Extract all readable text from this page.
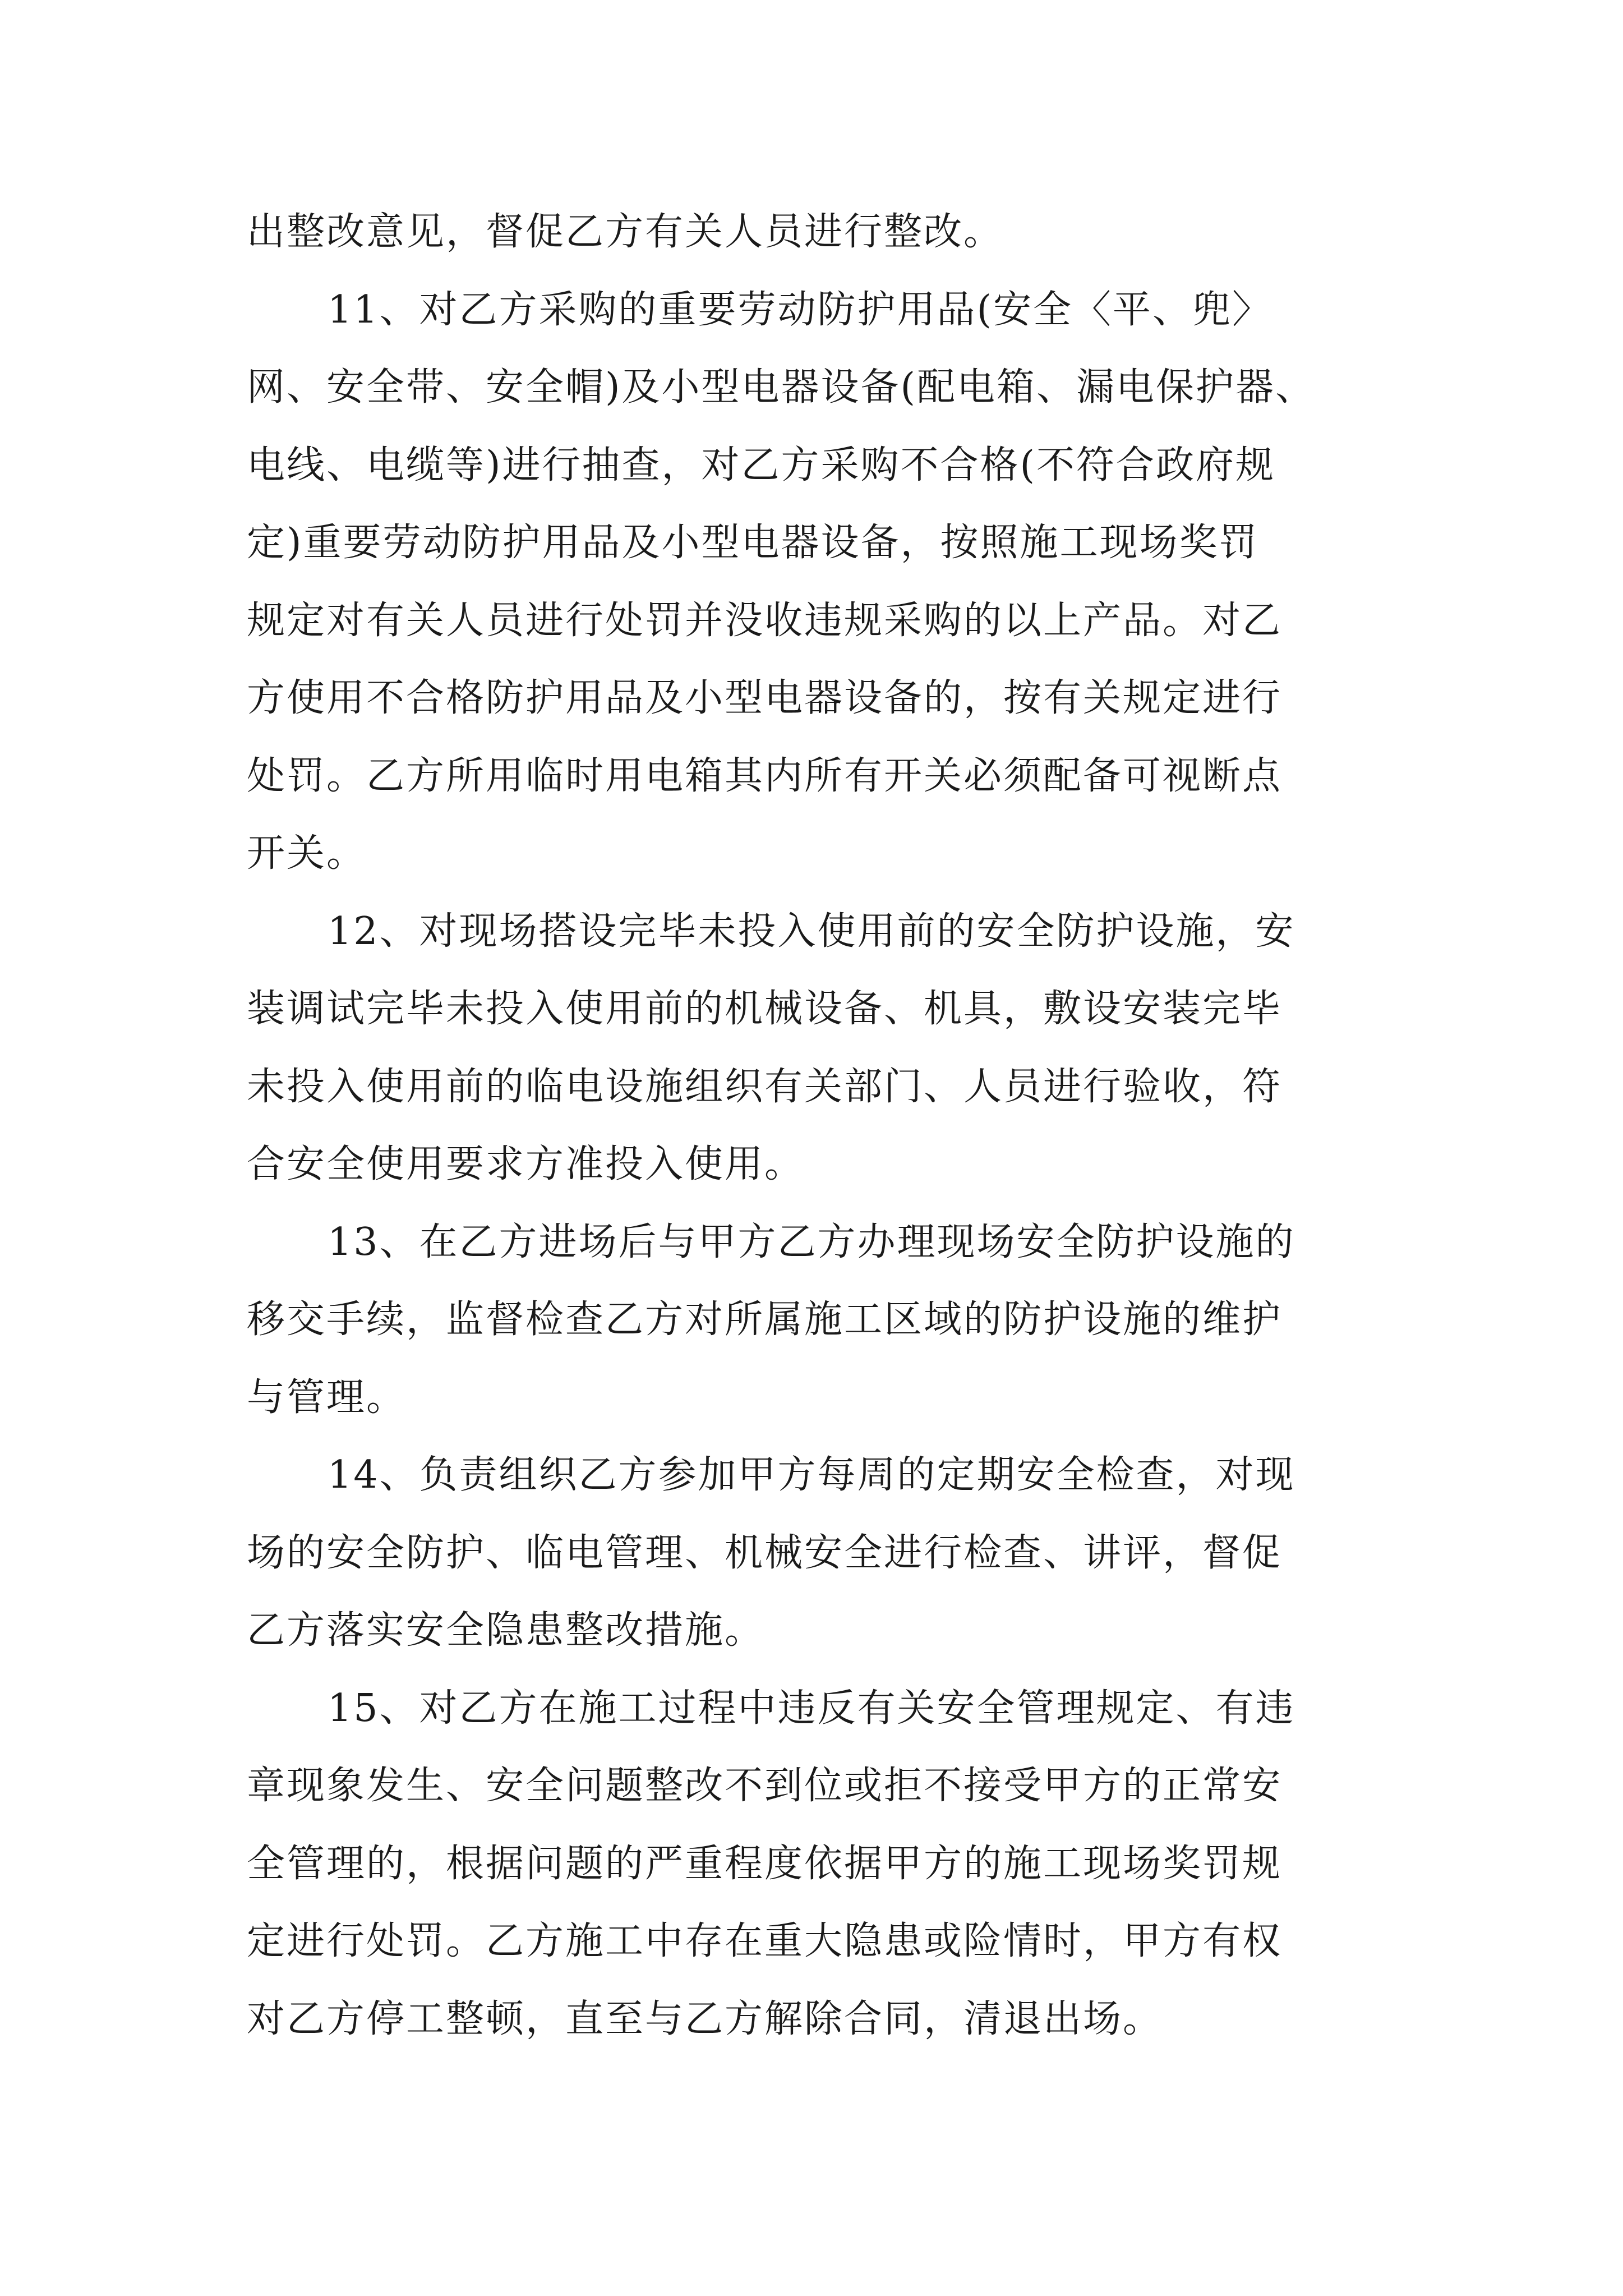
出整改意见，督促乙方有关人员进行整改。

11、对乙方采购的重要劳动防护用品(安全〈平、兜〉
网、安全带、安全帽)及小型电器设备(配电箱、漏电保护器、
电线、电缆等)进行抽查，对乙方采购不合格(不符合政府规
定)重要劳动防护用品及小型电器设备，按照施工现场奖罚
规定对有关人员进行处罚并没收违规采购的以上产品。对乙
方使用不合格防护用品及小型电器设备的，按有关规定进行
处罚。乙方所用临时用电箱其内所有开关必须配备可视断点
开关。

12、对现场搭设完毕未投入使用前的安全防护设施，安
装调试完毕未投入使用前的机械设备、机具，敷设安装完毕
未投入使用前的临电设施组织有关部门、人员进行验收，符
合安全使用要求方准投入使用。

13、在乙方进场后与甲方乙方办理现场安全防护设施的
移交手续，监督检查乙方对所属施工区域的防护设施的维护
与管理。

14、负责组织乙方参加甲方每周的定期安全检查，对现
场的安全防护、临电管理、机械安全进行检查、讲评，督促
乙方落实安全隐患整改措施。

15、对乙方在施工过程中违反有关安全管理规定、有违
章现象发生、安全问题整改不到位或拒不接受甲方的正常安
全管理的，根据问题的严重程度依据甲方的施工现场奖罚规
定进行处罚。乙方施工中存在重大隐患或险情时，甲方有权
对乙方停工整顿，直至与乙方解除合同，清退出场。
